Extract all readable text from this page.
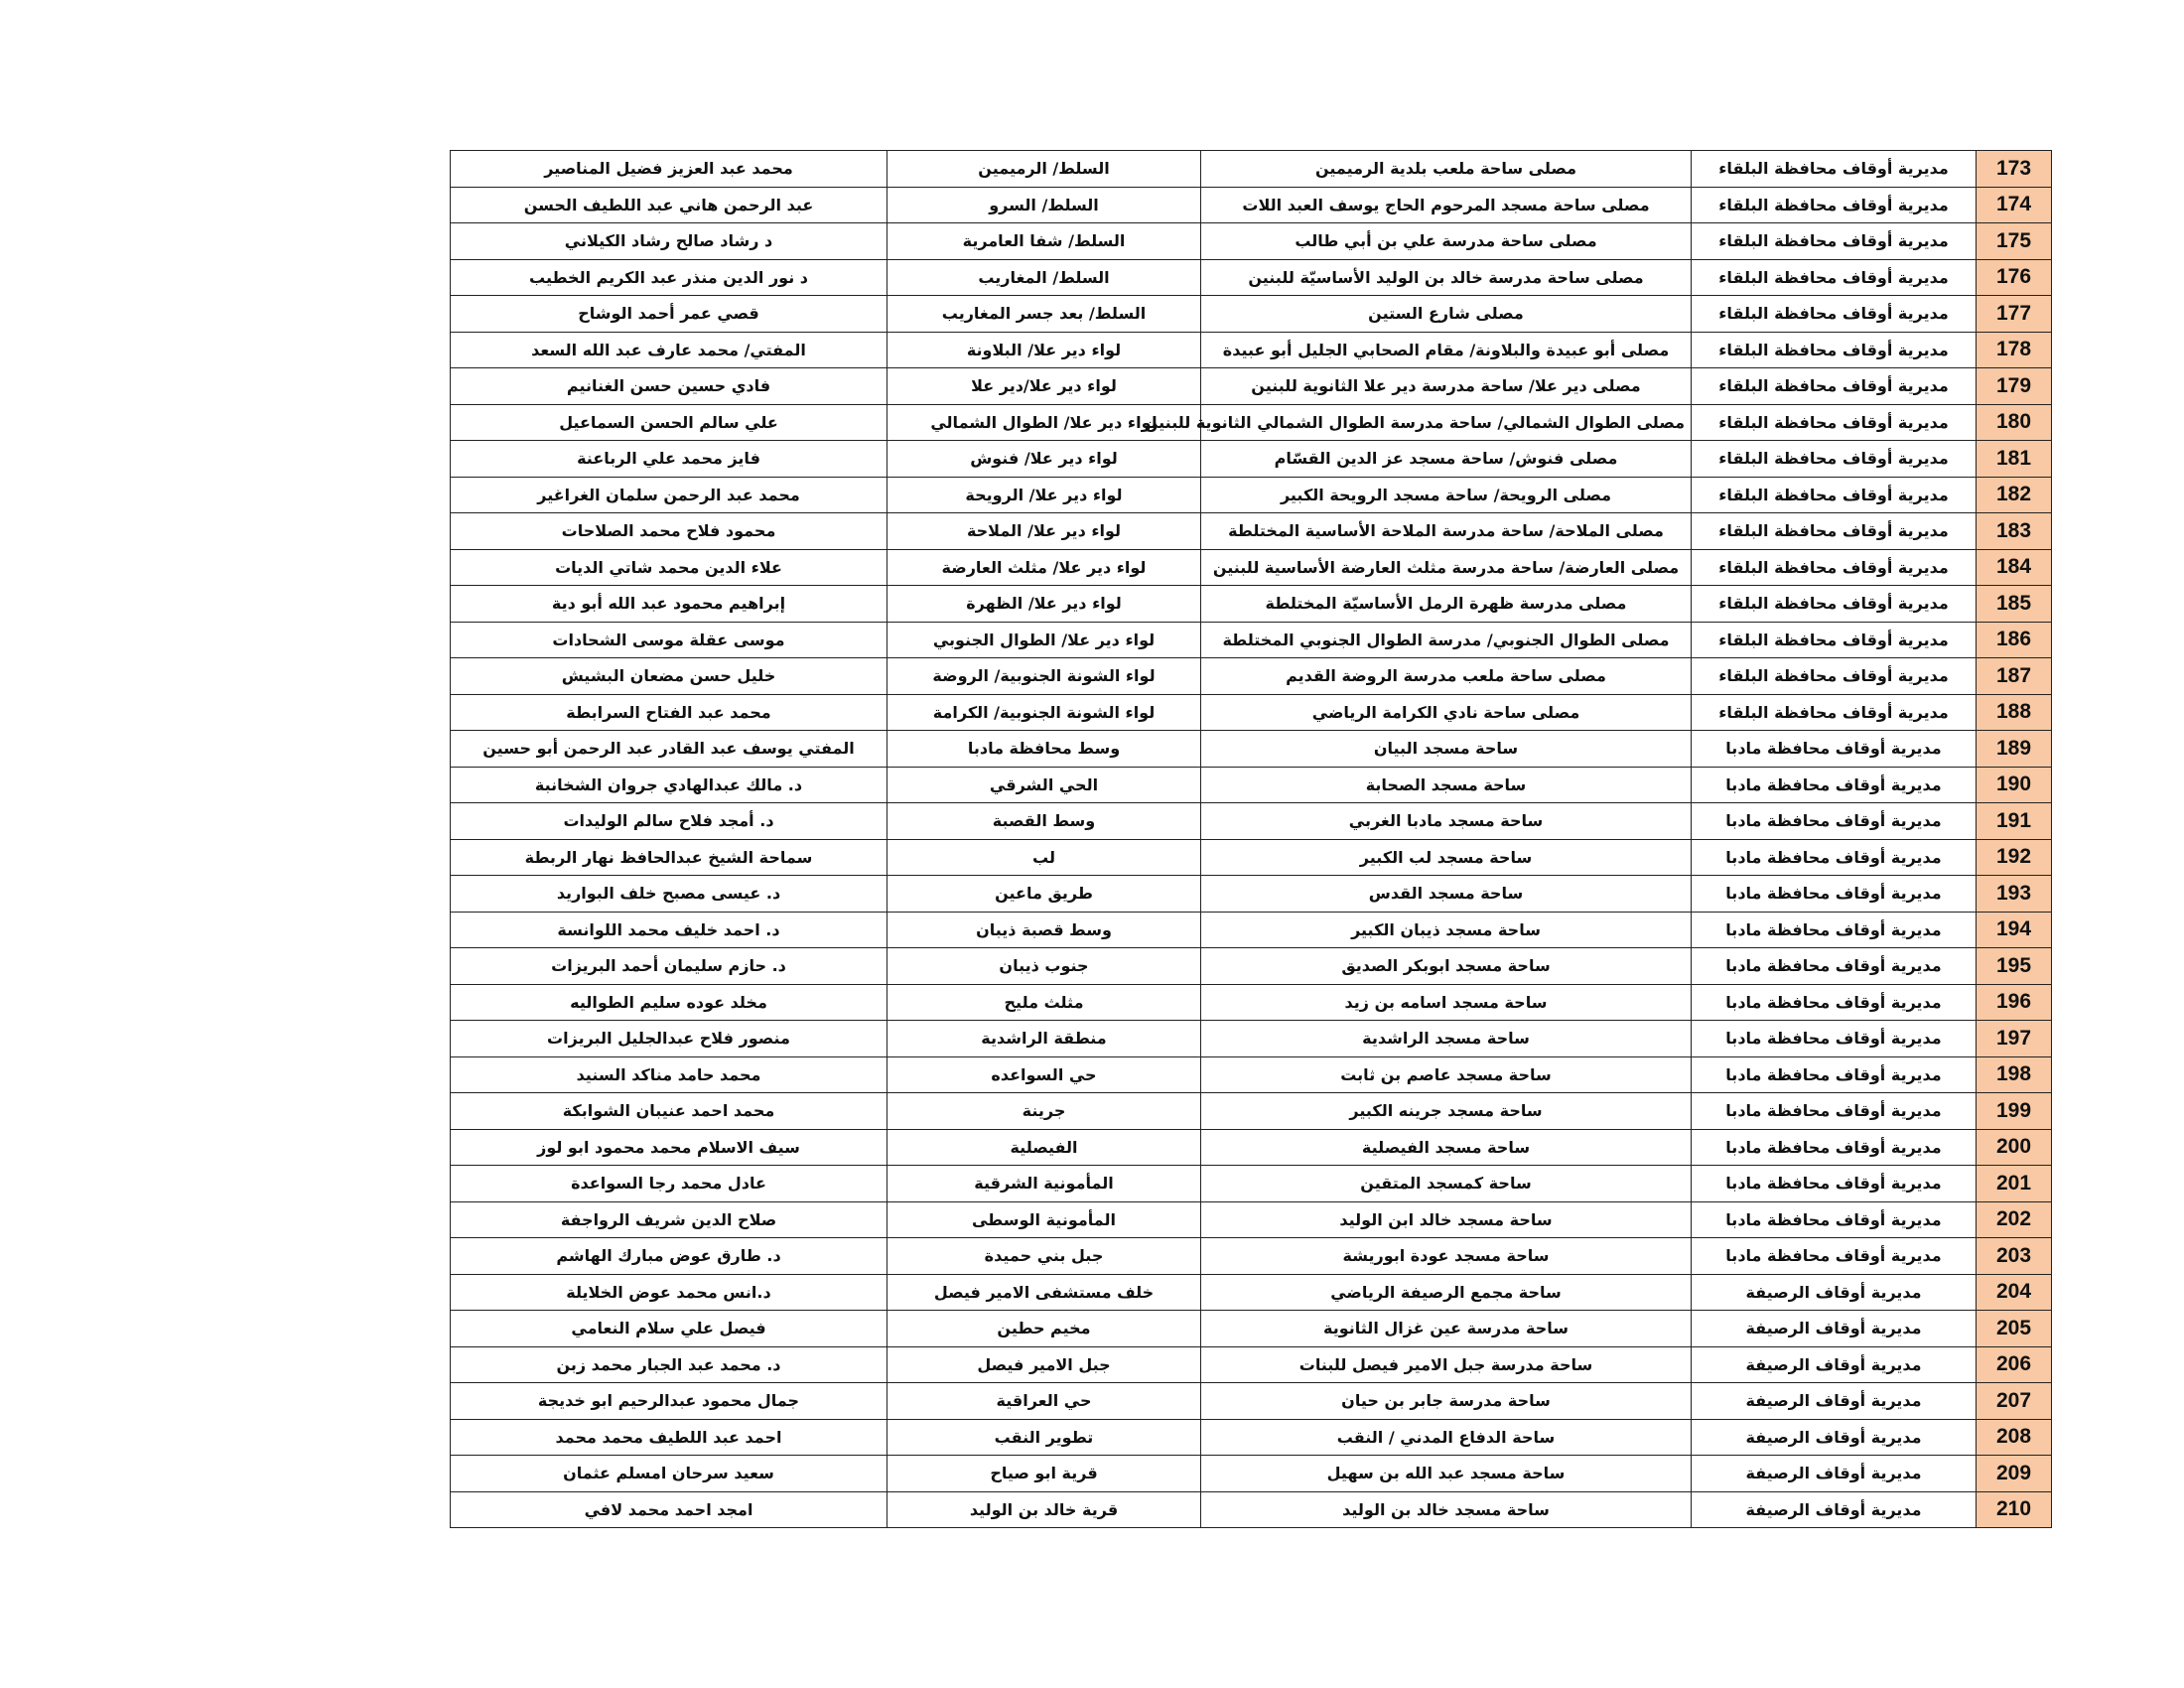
محمد عبد العزيز فضيل المناصير	السلط/ الرميمين	مصلى ساحة ملعب بلدية الرميمين	مديرية أوقاف محافظة البلقاء	173
عبد الرحمن هاني عبد اللطيف الحسن	السلط/ السرو	مصلى ساحة مسجد المرحوم الحاج يوسف العبد اللات	مديرية أوقاف محافظة البلقاء	174
د رشاد صالح رشاد الكيلاني	السلط/ شفا العامرية	مصلى ساحة مدرسة علي بن أبي طالب	مديرية أوقاف محافظة البلقاء	175
د نور الدين منذر عبد الكريم الخطيب	السلط/ المغاريب	مصلى ساحة مدرسة خالد بن الوليد الأساسيّة للبنين	مديرية أوقاف محافظة البلقاء	176
قصي عمر أحمد الوشاح	السلط/ بعد جسر المغاريب	مصلى شارع الستين	مديرية أوقاف محافظة البلقاء	177
المفتي/ محمد عارف عبد الله السعد	لواء دير علا/ البلاونة	مصلى أبو عبيدة والبلاونة/ مقام الصحابي الجليل أبو عبيدة	مديرية أوقاف محافظة البلقاء	178
فادي حسين حسن الغنانيم	لواء دير علا/دير علا	مصلى دير علا/ ساحة مدرسة دير علا الثانوية للبنين	مديرية أوقاف محافظة البلقاء	179
علي سالم الحسن السماعيل	لواء دير علا/ الطوال الشمالي	مصلى الطوال الشمالي/ ساحة مدرسة الطوال الشمالي الثانوية للبنين	مديرية أوقاف محافظة البلقاء	180
فايز محمد علي الرباعنة	لواء دير علا/ فنوش	مصلى فنوش/ ساحة مسجد عز الدين القسّام	مديرية أوقاف محافظة البلقاء	181
محمد عبد الرحمن سلمان الغراغير	لواء دير علا/ الرويحة	مصلى الرويحة/ ساحة مسجد الرويحة الكبير	مديرية أوقاف محافظة البلقاء	182
محمود فلاح محمد الصلاحات	لواء دير علا/ الملاحة	مصلى الملاحة/ ساحة مدرسة الملاحة الأساسية المختلطة	مديرية أوقاف محافظة البلقاء	183
علاء الدين محمد شاتي الديات	لواء دير علا/ مثلث العارضة	مصلى العارضة/ ساحة مدرسة مثلث العارضة الأساسية للبنين	مديرية أوقاف محافظة البلقاء	184
إبراهيم محمود عبد الله أبو دية	لواء دير علا/ الظهرة	مصلى مدرسة ظهرة الرمل الأساسيّة المختلطة	مديرية أوقاف محافظة البلقاء	185
موسى عقلة موسى الشحادات	لواء دير علا/ الطوال الجنوبي	مصلى الطوال الجنوبي/ مدرسة الطوال الجنوبي المختلطة	مديرية أوقاف محافظة البلقاء	186
خليل حسن مضعان البشيش	لواء الشونة الجنوبية/ الروضة	مصلى ساحة ملعب مدرسة الروضة القديم	مديرية أوقاف محافظة البلقاء	187
محمد عبد الفتاح السرابطة	لواء الشونة الجنوبية/ الكرامة	مصلى ساحة نادي الكرامة الرياضي	مديرية أوقاف محافظة البلقاء	188
المفتي يوسف عبد القادر عبد الرحمن أبو حسين	وسط محافظة مادبا	ساحة مسجد البيان	مديرية أوقاف محافظة مادبا	189
د. مالك عبدالهادي جروان الشخانبة	الحي الشرقي	ساحة مسجد الصحابة	مديرية أوقاف محافظة مادبا	190
د. أمجد فلاح سالم الوليدات	وسط القصبة	ساحة مسجد مادبا الغربي	مديرية أوقاف محافظة مادبا	191
سماحة الشيخ عبدالحافظ نهار الربطة	لب	ساحة مسجد لب الكبير	مديرية أوقاف محافظة مادبا	192
د. عيسى مصبح خلف البواريد	طريق ماعين	ساحة مسجد القدس	مديرية أوقاف محافظة مادبا	193
د. احمد خليف محمد اللوانسة	وسط قصبة ذيبان	ساحة مسجد ذيبان الكبير	مديرية أوقاف محافظة مادبا	194
د. حازم سليمان أحمد البريزات	جنوب ذيبان	ساحة مسجد ابوبكر الصديق	مديرية أوقاف محافظة مادبا	195
مخلد عوده سليم الطواليه	مثلث مليح	ساحة مسجد اسامه بن زيد	مديرية أوقاف محافظة مادبا	196
منصور فلاح عبدالجليل البريزات	منطقة الراشدية	ساحة مسجد الراشدية	مديرية أوقاف محافظة مادبا	197
محمد حامد مناكد السنيد	حي السواعده	ساحة مسجد عاصم بن ثابت	مديرية أوقاف محافظة مادبا	198
محمد احمد عنيبان الشوابكة	جرينة	ساحة مسجد جرينه الكبير	مديرية أوقاف محافظة مادبا	199
سيف الاسلام محمد محمود ابو لوز	الفيصلية	ساحة مسجد الفيصلية	مديرية أوقاف محافظة مادبا	200
عادل محمد رجا السواعدة	المأمونية الشرقية	ساحة كمسجد المتقين	مديرية أوقاف محافظة مادبا	201
صلاح الدين شريف الرواجفة	المأمونية الوسطى	ساحة مسجد خالد ابن الوليد	مديرية أوقاف محافظة مادبا	202
د. طارق عوض مبارك الهاشم	جبل بني حميدة	ساحة مسجد عودة ابوريشة	مديرية أوقاف محافظة مادبا	203
د.انس محمد عوض الخلايلة	خلف مستشفى الامير فيصل	ساحة مجمع الرصيفة الرياضي	مديرية أوقاف الرصيفة	204
فيصل علي سلام النعامي	مخيم حطين	ساحة مدرسة عين غزال الثانوية	مديرية أوقاف الرصيفة	205
د. محمد عبد الجبار محمد زبن	جبل الامير فيصل	ساحة مدرسة جبل الامير فيصل للبنات	مديرية أوقاف الرصيفة	206
جمال محمود عبدالرحيم ابو خديجة	حي العراقية	ساحة مدرسة جابر بن حيان	مديرية أوقاف الرصيفة	207
احمد عبد اللطيف محمد محمد	تطوير النقب	ساحة الدفاع المدني / النقب	مديرية أوقاف الرصيفة	208
سعيد سرحان امسلم عثمان	قرية ابو صياح	ساحة مسجد عبد الله بن سهيل	مديرية أوقاف الرصيفة	209
امجد احمد محمد لافي	قرية خالد بن الوليد	ساحة مسجد خالد بن الوليد	مديرية أوقاف الرصيفة	210
